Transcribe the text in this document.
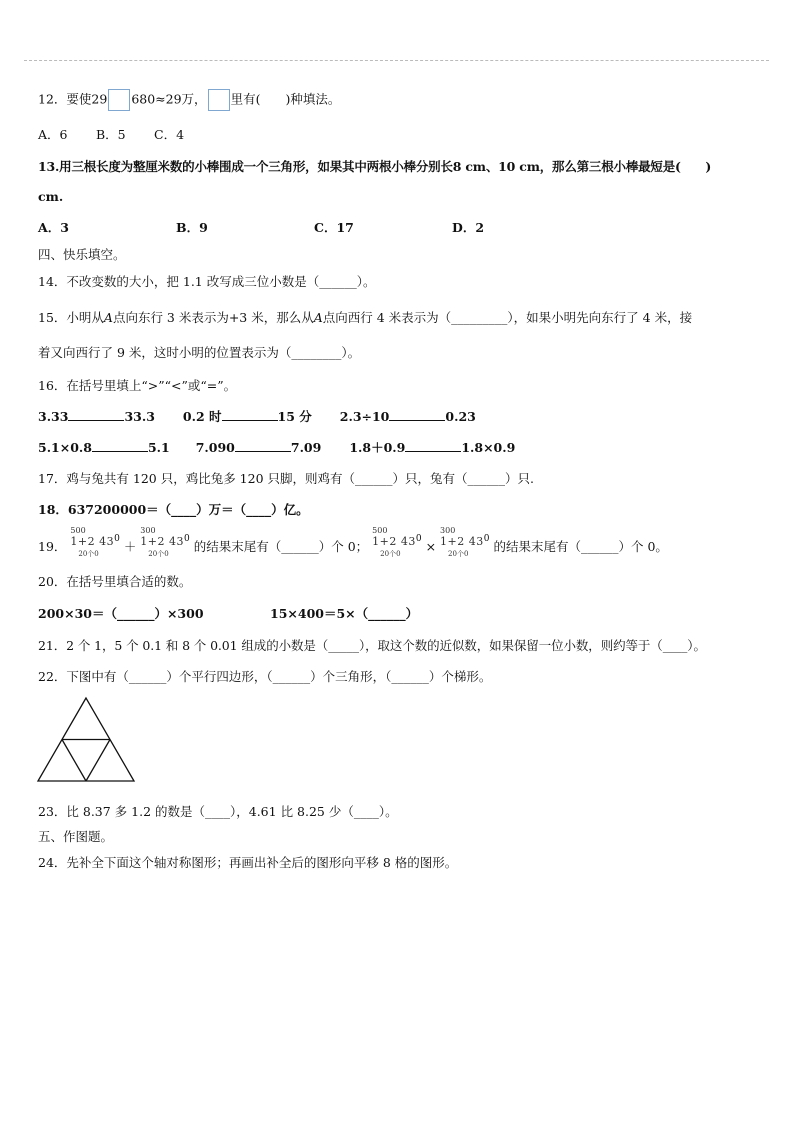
12．要使29 680≈29万， 里有(　　)种填法。
A．6 B．5 C．4
13.用三根长度为整厘米数的小棒围成一个三角形，如果其中两根小棒分别长8 cm、10 cm，那么第三根小棒最短是(　　)
cm.
A．3	B．9	C．17	D．2
四、快乐填空。
14．不改变数的大小，把 1.1 改写成三位小数是（______）。
15．小明从A点向东行 3 米表示为+3 米，那么从A点向西行 4 米表示为（_________），如果小明先向东行了 4 米，接
着又向西行了 9 米，这时小明的位置表示为（________）。
16．在括号里填上“>”“<”或“=”。
3.33	33.3 0.2 时	15 分 2.3÷10	0.23
5.1×0.8	5.1 7.090	7.09 1.8＋0.9	1.8×0.9
17．鸡与兔共有 120 只，鸡比兔多 120 只脚，则鸡有（______）只，兔有（______）只.
18．637200000＝（____）万＝（____）亿。
19．
500
1+2 43
20个0
$^0$ ＋
300
1+2 43
20个0
$^0$ 的结果末尾有（______）个 0；
500
1+2 43
20个0
$^0$ ×
300
1+2 43
20个0
$^0$ 的结果末尾有（______）个 0。
20．在括号里填合适的数。
200×30＝（______）×300	15×400＝5×（______）
21．2 个 1，5 个 0.1 和 8 个 0.01 组成的小数是（_____），取这个数的近似数，如果保留一位小数，则约等于（____）。
22．下图中有（______）个平行四边形，（______）个三角形，（______）个梯形。
23．比 8.37 多 1.2 的数是（____），4.61 比 8.25 少（____）。
五、作图题。
24．先补全下面这个轴对称图形；再画出补全后的图形向平移 8 格的图形。
